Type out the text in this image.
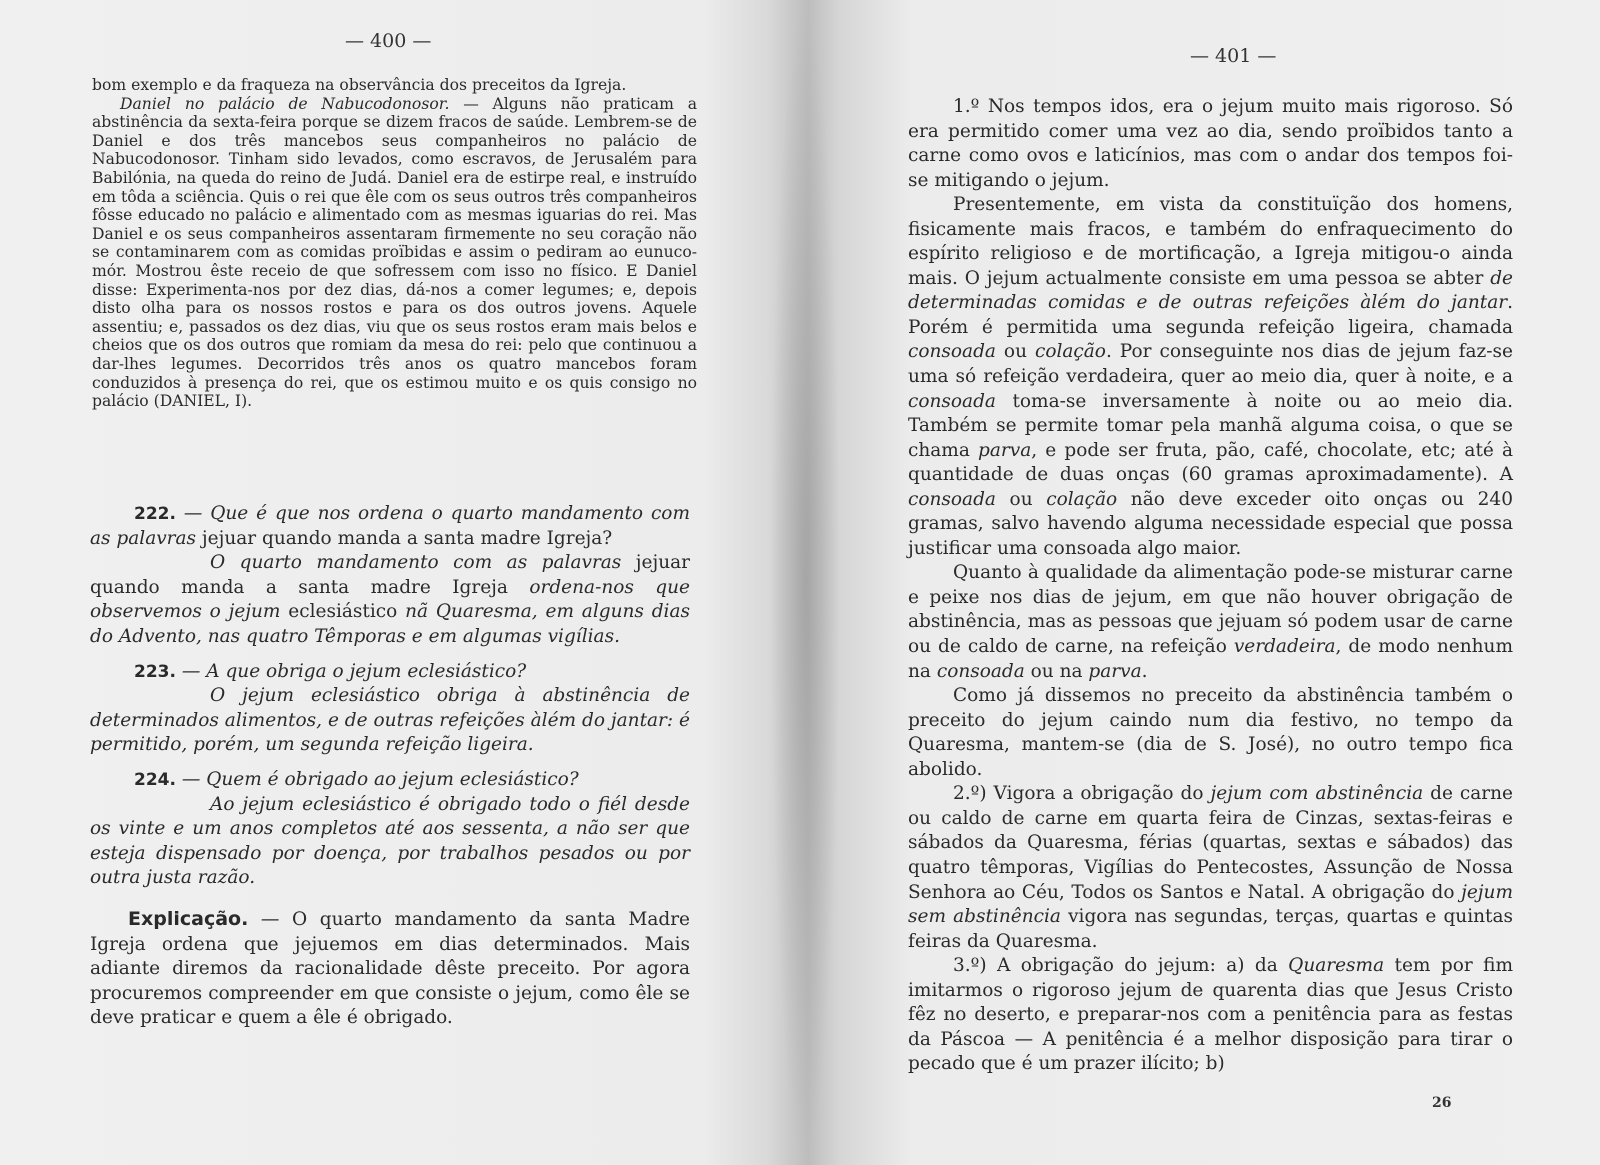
— 400 —

bom exemplo e da fraqueza na observância dos preceitos da Igreja.

Daniel no palácio de Nabucodonosor. — Alguns não praticam a abstinência da sexta-feira porque se dizem fracos de saúde. Lembrem-se de Daniel e dos três mancebos seus companheiros no palácio de Nabucodonosor. Tinham sido levados, como escravos, de Jerusalém para Babilónia, na queda do reino de Judá. Daniel era de estirpe real, e instruído em tôda a sciência. Quis o rei que êle com os seus outros três companheiros fôsse educado no palácio e alimentado com as mesmas iguarias do rei. Mas Daniel e os seus companheiros assentaram firmemente no seu coração não se contaminarem com as comidas proïbidas e assim o pediram ao eunuco-mór. Mostrou êste receio de que sofressem com isso no físico. E Daniel disse: Experimenta-nos por dez dias, dá-nos a comer legumes; e, depois disto olha para os nossos rostos e para os dos outros jovens. Aquele assentiu; e, passados os dez dias, viu que os seus rostos eram mais belos e cheios que os dos outros que romiam da mesa do rei: pelo que continuou a dar-lhes legumes. Decorridos três anos os quatro mancebos foram conduzidos à presença do rei, que os estimou muito e os quis consigo no palácio (DANIEL, I).

222. — Que é que nos ordena o quarto mandamento com as palavras jejuar quando manda a santa madre Igreja?

O quarto mandamento com as palavras jejuar quando manda a santa madre Igreja ordena-nos que observemos o jejum eclesiástico nã Quaresma, em alguns dias do Advento, nas quatro Têmporas e em algumas vigílias.

223. — A que obriga o jejum eclesiástico?

O jejum eclesiástico obriga à abstinência de determinados alimentos, e de outras refeições àlém do jantar: é permitido, porém, um segunda refeição ligeira.

224. — Quem é obrigado ao jejum eclesiástico?

Ao jejum eclesiástico é obrigado todo o fiél desde os vinte e um anos completos até aos sessenta, a não ser que esteja dispensado por doença, por trabalhos pesados ou por outra justa razão.

Explicação. — O quarto mandamento da santa Madre Igreja ordena que jejuemos em dias determinados. Mais adiante diremos da racionalidade dêste preceito. Por agora procuremos compreender em que consiste o jejum, como êle se deve praticar e quem a êle é obrigado.

— 401 —

1.º Nos tempos idos, era o jejum muito mais rigoroso. Só era permitido comer uma vez ao dia, sendo proïbidos tanto a carne como ovos e laticínios, mas com o andar dos tempos foi-se mitigando o jejum.

Presentemente, em vista da constituïção dos homens, fisicamente mais fracos, e também do enfraquecimento do espírito religioso e de mortificação, a Igreja mitigou-o ainda mais. O jejum actualmente consiste em uma pessoa se abter de determinadas comidas e de outras refeições àlém do jantar. Porém é permitida uma segunda refeição ligeira, chamada consoada ou colação. Por conseguinte nos dias de jejum faz-se uma só refeição verdadeira, quer ao meio dia, quer à noite, e a consoada toma-se inversamente à noite ou ao meio dia. Também se permite tomar pela manhã alguma coisa, o que se chama parva, e pode ser fruta, pão, café, chocolate, etc; até à quantidade de duas onças (60 gramas aproximadamente). A consoada ou colação não deve exceder oito onças ou 240 gramas, salvo havendo alguma necessidade especial que possa justificar uma consoada algo maior.

Quanto à qualidade da alimentação pode-se misturar carne e peixe nos dias de jejum, em que não houver obrigação de abstinência, mas as pessoas que jejuam só podem usar de carne ou de caldo de carne, na refeição verdadeira, de modo nenhum na consoada ou na parva.

Como já dissemos no preceito da abstinência também o preceito do jejum caindo num dia festivo, no tempo da Quaresma, mantem-se (dia de S. José), no outro tempo fica abolido.

2.º) Vigora a obrigação do jejum com abstinência de carne ou caldo de carne em quarta feira de Cinzas, sextas-feiras e sábados da Quaresma, férias (quartas, sextas e sábados) das quatro têmporas, Vigílias do Pentecostes, Assunção de Nossa Senhora ao Céu, Todos os Santos e Natal. A obrigação do jejum sem abstinência vigora nas segundas, terças, quartas e quintas feiras da Quaresma.

3.º) A obrigação do jejum: a) da Quaresma tem por fim imitarmos o rigoroso jejum de quarenta dias que Jesus Cristo fêz no deserto, e preparar-nos com a penitência para as festas da Páscoa — A penitência é a melhor disposição para tirar o pecado que é um prazer ilícito; b)

26
